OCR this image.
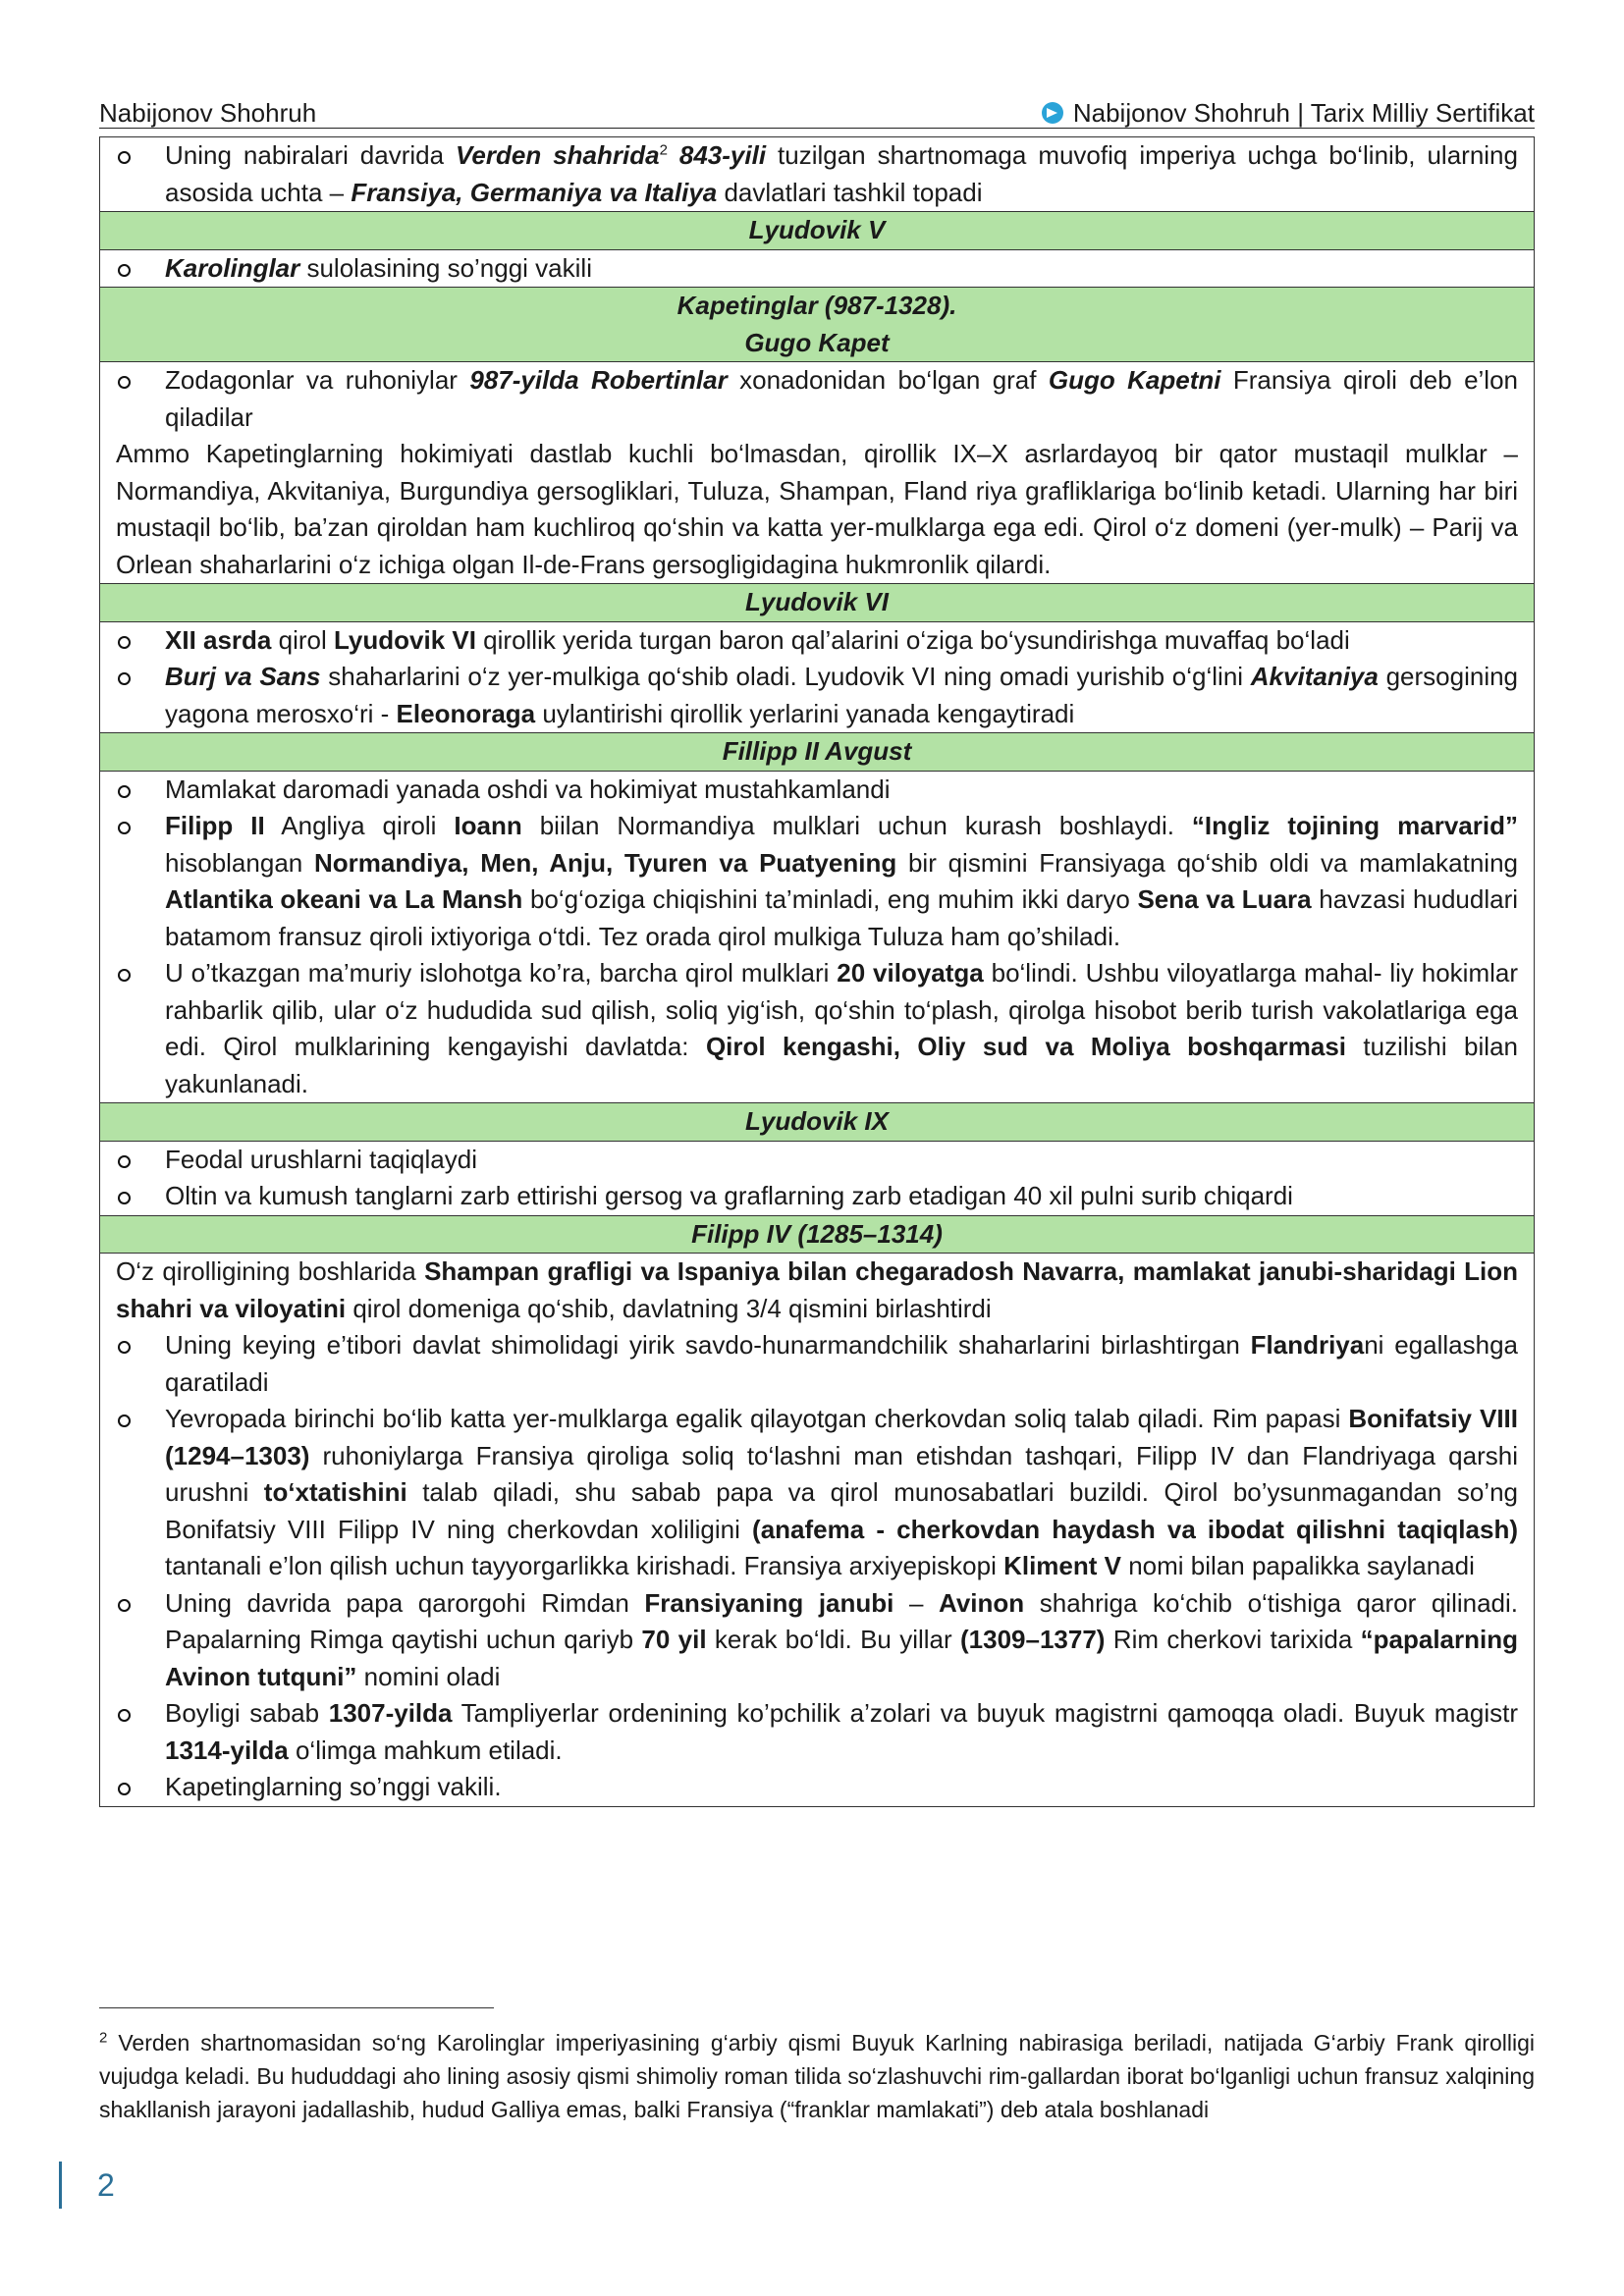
Nabijonov Shohruh	Nabijonov Shohruh | Tarix Milliy Sertifikat
Uning nabiralari davrida Verden shahrida$^2$ 843-yili tuzilgan shartnomaga muvofiq imperiya uchga bo‘linib, ularning asosida uchta – Fransiya, Germaniya va Italiya davlatlari tashkil topadi

Lyudovik V

Karolinglar sulolasining so’nggi vakili

Kapetinglar (987-1328).
Gugo Kapet

Zodagonlar va ruhoniylar 987-yilda Robertinlar xonadonidan bo‘lgan graf Gugo Kapetni Fransiya qiroli deb e’lon qiladilar
Ammo Kapetinglarning hokimiyati dastlab kuchli bo‘lmasdan, qirollik IX–X asrlardayoq bir qator mustaqil mulklar – Normandiya, Akvitaniya, Burgundiya gersogliklari, Tuluza, Shampan, Fland riya grafliklariga bo‘linib ketadi. Ularning har biri mustaqil bo‘lib, ba’zan qiroldan ham kuchliroq qo‘shin va katta yer-mulklarga ega edi. Qirol o‘z domeni (yer-mulk) – Parij va Orlean shaharlarini o‘z ichiga olgan Il-de-Frans gersogligidagina hukmronlik qilardi.

Lyudovik VI

XII asrda qirol Lyudovik VI qirollik yerida turgan baron qal’alarini o‘ziga bo‘ysundirishga muvaffaq bo‘ladi
Burj va Sans shaharlarini o‘z yer-mulkiga qo‘shib oladi. Lyudovik VI ning omadi yurishib o‘g‘lini Akvitaniya gersogining yagona merosxo‘ri - Eleonoraga uylantirishi qirollik yerlarini yanada kengaytiradi

Fillipp II Avgust

Mamlakat daromadi yanada oshdi va hokimiyat mustahkamlandi
Filipp II Angliya qiroli Ioann biilan Normandiya mulklari uchun kurash boshlaydi. “Ingliz tojining marvarid” hisoblangan Normandiya, Men, Anju, Tyuren va Puatyening bir qismini Fransiyaga qo‘shib oldi va mamlakatning Atlantika okeani va La Mansh bo‘g‘oziga chiqishini ta’minladi, eng muhim ikki daryo Sena va Luara havzasi hududlari batamom fransuz qiroli ixtiyoriga o‘tdi. Tez orada qirol mulkiga Tuluza ham qo’shiladi.
U o’tkazgan ma’muriy islohotga ko’ra, barcha qirol mulklari 20 viloyatga bo‘lindi. Ushbu viloyatlarga mahal- liy hokimlar rahbarlik qilib, ular o‘z hududida sud qilish, soliq yig‘ish, qo‘shin to‘plash, qirolga hisobot berib turish vakolatlariga ega edi. Qirol mulklarining kengayishi davlatda: Qirol kengashi, Oliy sud va Moliya boshqarmasi tuzilishi bilan yakunlanadi.

Lyudovik IX

Feodal urushlarni taqiqlaydi
Oltin va kumush tanglarni zarb ettirishi gersog va graflarning zarb etadigan 40 xil pulni surib chiqardi

Filipp IV (1285–1314)

O‘z qirolligining boshlarida Shampan grafligi va Ispaniya bilan chegaradosh Navarra, mamlakat janubi-sharidagi Lion shahri va viloyatini qirol domeniga qo‘shib, davlatning 3/4 qismini birlashtirdi
Uning keying e’tibori davlat shimolidagi yirik savdo-hunarmandchilik shaharlarini birlashtirgan Flandriyani egallashga qaratiladi
Yevropada birinchi bo‘lib katta yer-mulklarga egalik qilayotgan cherkovdan soliq talab qiladi. Rim papasi Bonifatsiy VIII (1294–1303) ruhoniylarga Fransiya qiroliga soliq to‘lashni man etishdan tashqari, Filipp IV dan Flandriyaga qarshi urushni to‘xtatishini talab qiladi, shu sabab papa va qirol munosabatlari buzildi. Qirol bo’ysunmagandan so’ng Bonifatsiy VIII Filipp IV ning cherkovdan xoliligini (anafema - cherkovdan haydash va ibodat qilishni taqiqlash) tantanali e’lon qilish uchun tayyorgarlikka kirishadi. Fransiya arxiyepiskopi Kliment V nomi bilan papalikka saylanadi
Uning davrida papa qarorgohi Rimdan Fransiyaning janubi – Avinon shahriga ko‘chib o‘tishiga qaror qilinadi. Papalarning Rimga qaytishi uchun qariyb 70 yil kerak bo‘ldi. Bu yillar (1309–1377) Rim cherkovi tarixida “papalarning Avinon tutquni” nomini oladi
Boyligi sabab 1307-yilda Tampliyerlar ordenining ko’pchilik a’zolari va buyuk magistrni qamoqqa oladi. Buyuk magistr 1314-yilda o‘limga mahkum etiladi.
Kapetinglarning so’nggi vakili.
$^2$ Verden shartnomasidan so‘ng Karolinglar imperiyasining g‘arbiy qismi Buyuk Karlning nabirasiga beriladi, natijada G‘arbiy Frank qirolligi vujudga keladi. Bu hududdagi aho lining asosiy qismi shimoliy roman tilida so‘zlashuvchi rim-gallardan iborat bo‘lganligi uchun fransuz xalqining shakllanish jarayoni jadallashib, hudud Galliya emas, balki Fransiya (“franklar mamlakati”) deb atala boshlanadi
2
